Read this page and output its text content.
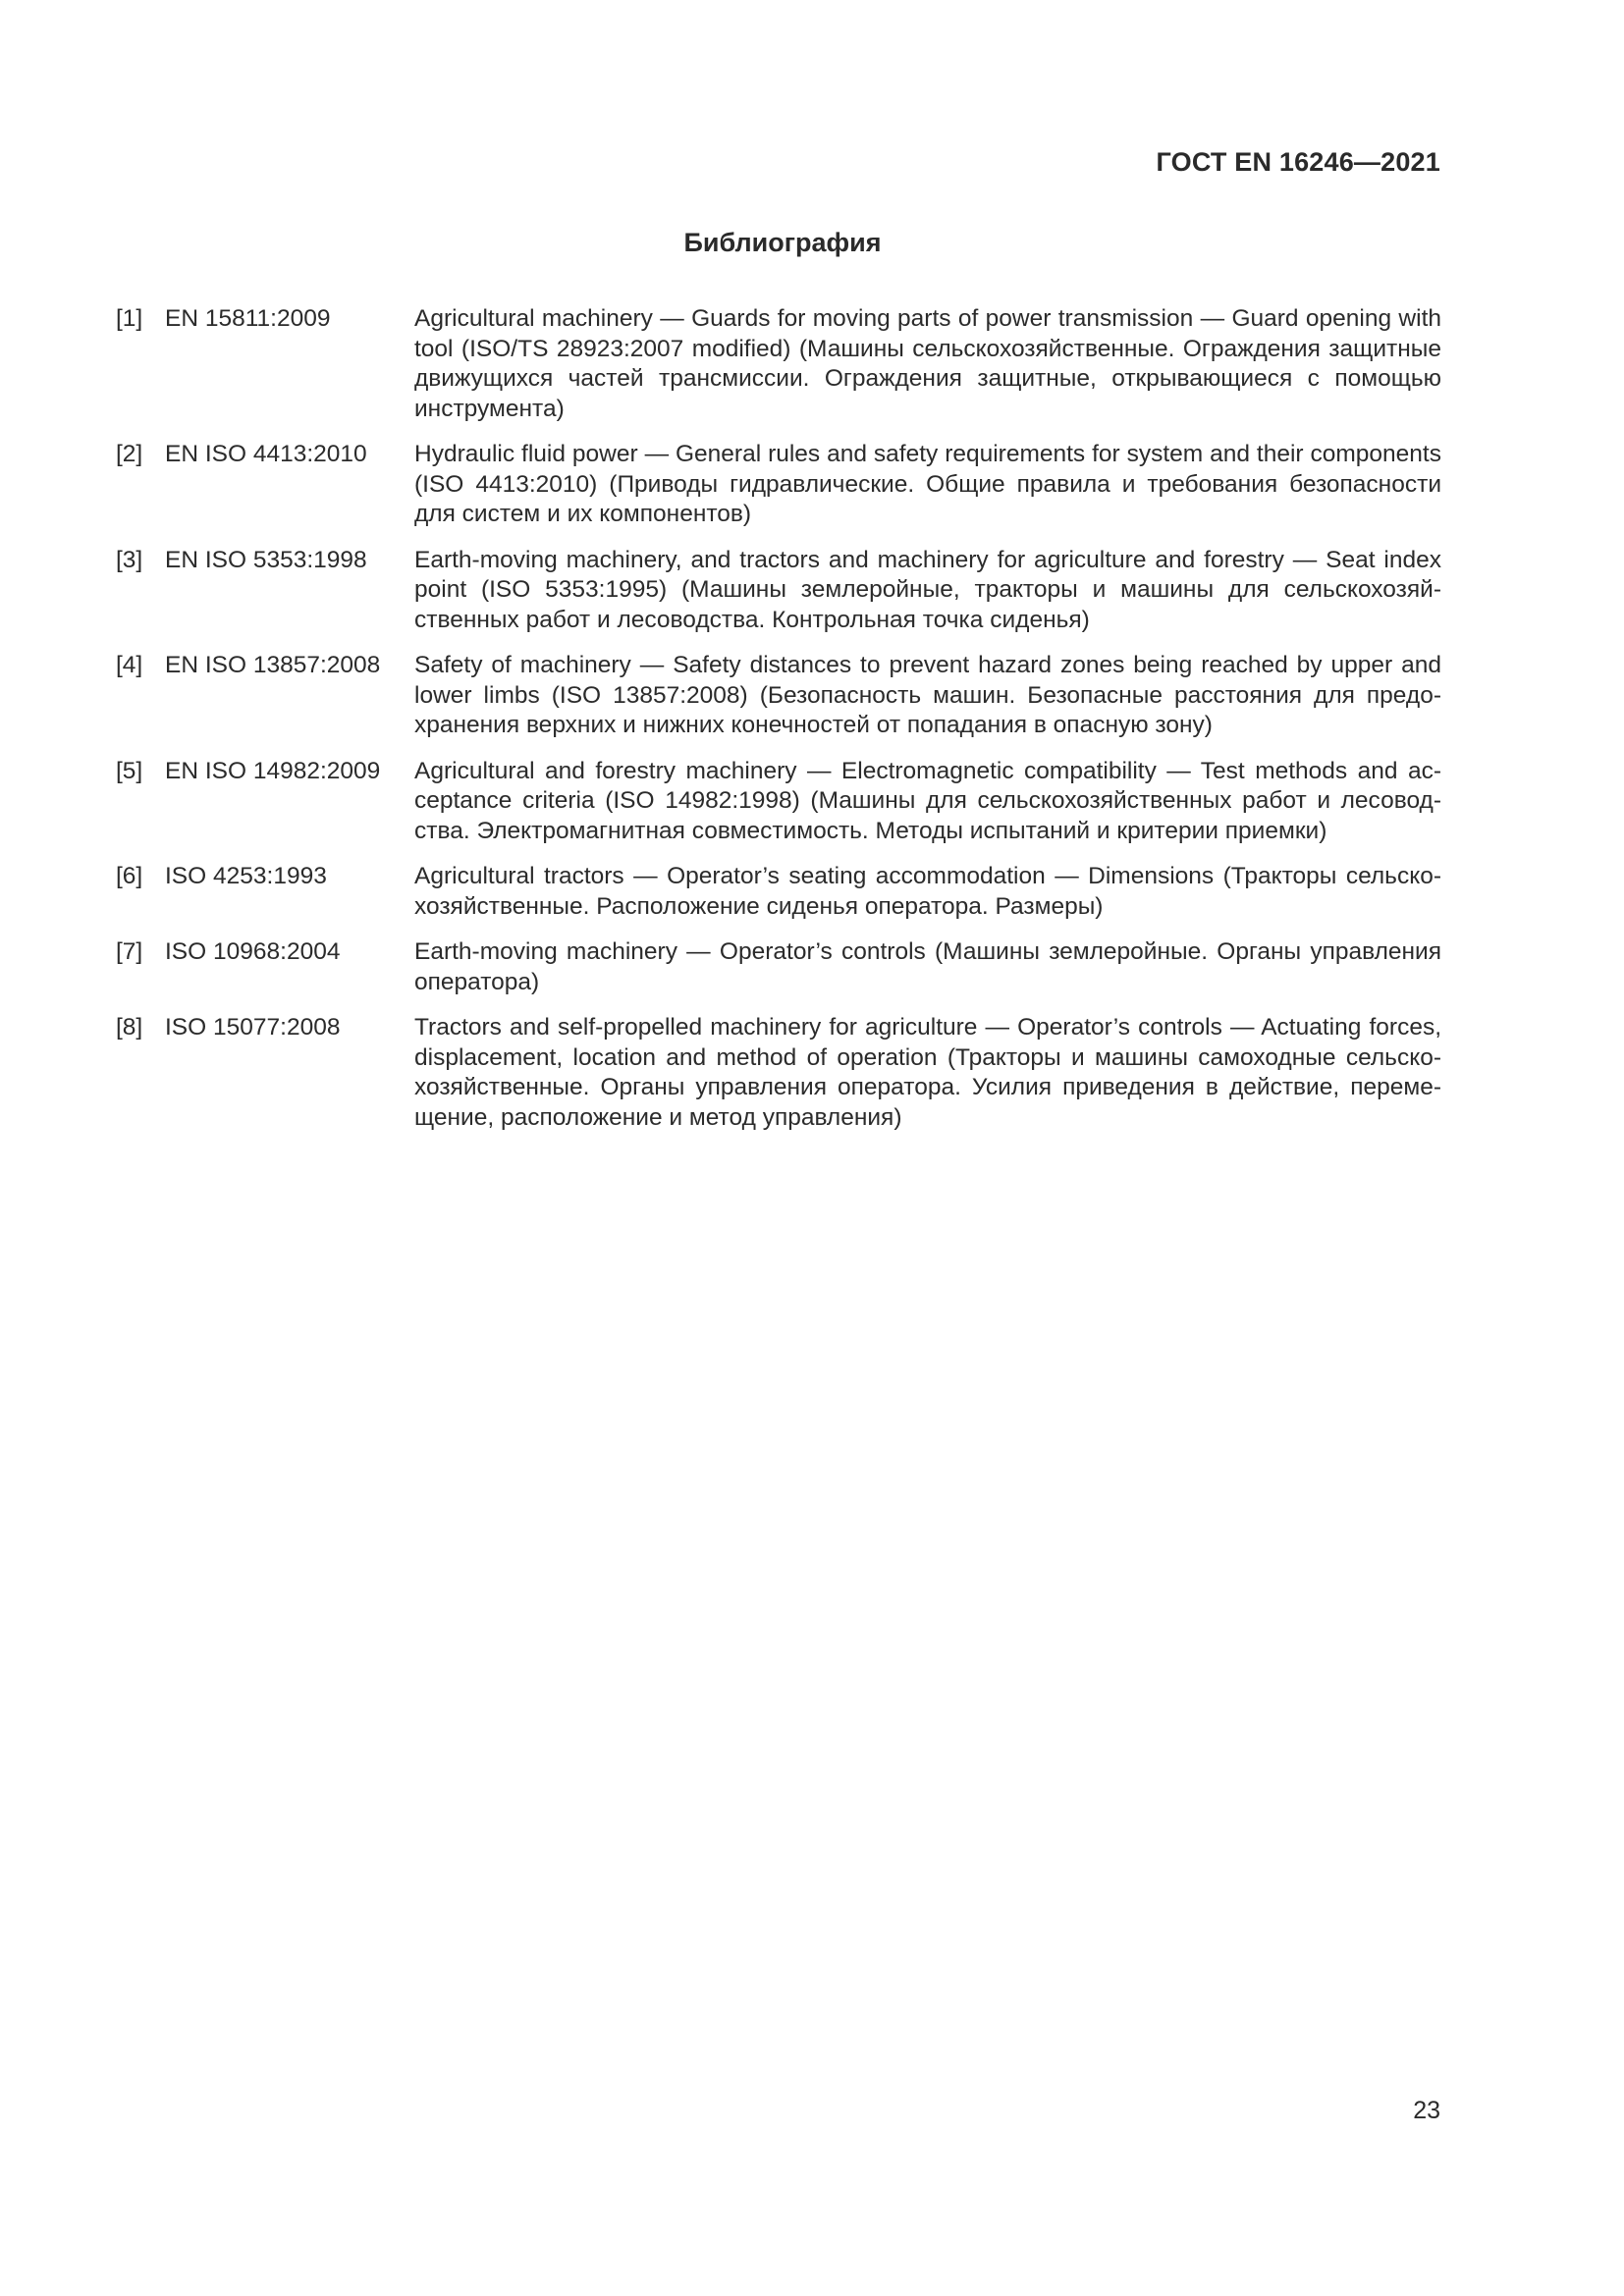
ГОСТ EN 16246—2021
Библиография
[1] EN 15811:2009	Agricultural machinery — Guards for moving parts of power transmission — Guard opening with tool (ISO/TS 28923:2007 modified) (Машины сельскохозяйственные. Ограждения защитные движущихся частей трансмиссии. Ограждения защитные, открывающиеся с помощью инструмента)
[2] EN ISO 4413:2010	Hydraulic fluid power — General rules and safety requirements for system and their components (ISO 4413:2010) (Приводы гидравлические. Общие правила и требования безопасности для систем и их компонентов)
[3] EN ISO 5353:1998	Earth-moving machinery, and tractors and machinery for agriculture and forestry — Seat index point (ISO 5353:1995) (Машины землеройные, тракторы и машины для сельскохозяйственных работ и лесоводства. Контрольная точка сиденья)
[4] EN ISO 13857:2008	Safety of machinery — Safety distances to prevent hazard zones being reached by upper and lower limbs (ISO 13857:2008) (Безопасность машин. Безопасные расстояния для предохранения верхних и нижних конечностей от попадания в опасную зону)
[5] EN ISO 14982:2009	Agricultural and forestry machinery — Electromagnetic compatibility — Test methods and acceptance criteria (ISO 14982:1998) (Машины для сельскохозяйственных работ и лесоводства. Электромагнитная совместимость. Методы испытаний и критерии приемки)
[6] ISO 4253:1993	Agricultural tractors — Operator’s seating accommodation — Dimensions (Тракторы сельскохозяйственные. Расположение сиденья оператора. Размеры)
[7] ISO 10968:2004	Earth-moving machinery — Operator’s controls (Машины землеройные. Органы управления оператора)
[8] ISO 15077:2008	Tractors and self-propelled machinery for agriculture — Operator’s controls — Actuating forces, displacement, location and method of operation (Тракторы и машины самоходные сельскохозяйственные. Органы управления оператора. Усилия приведения в действие, перемещение, расположение и метод управления)
23
